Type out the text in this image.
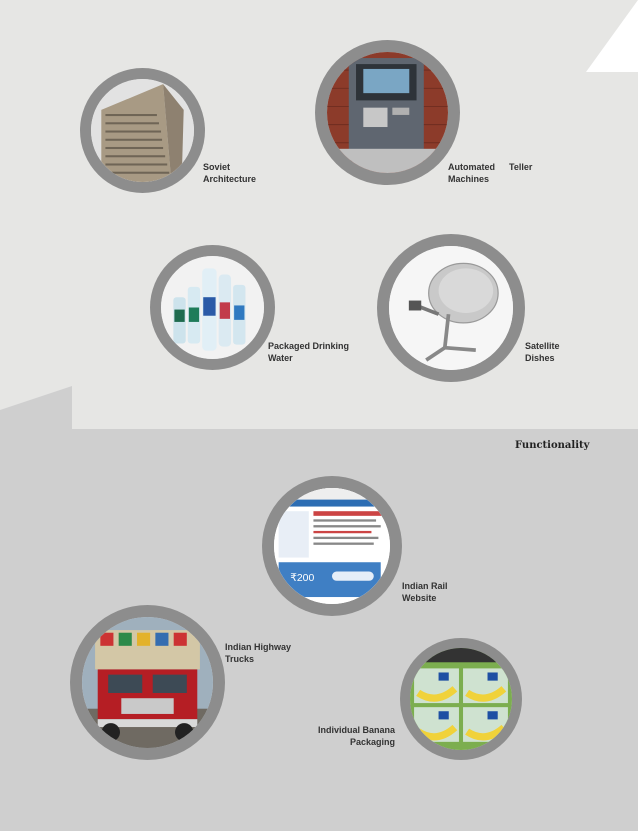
Soviet
Architecture
Automated Teller
Machines
Packaged Drinking
Water
Satellite
Dishes
Functionality
₹200
Indian Rail
Website
Indian Highway
Trucks
Individual Banana
Packaging
